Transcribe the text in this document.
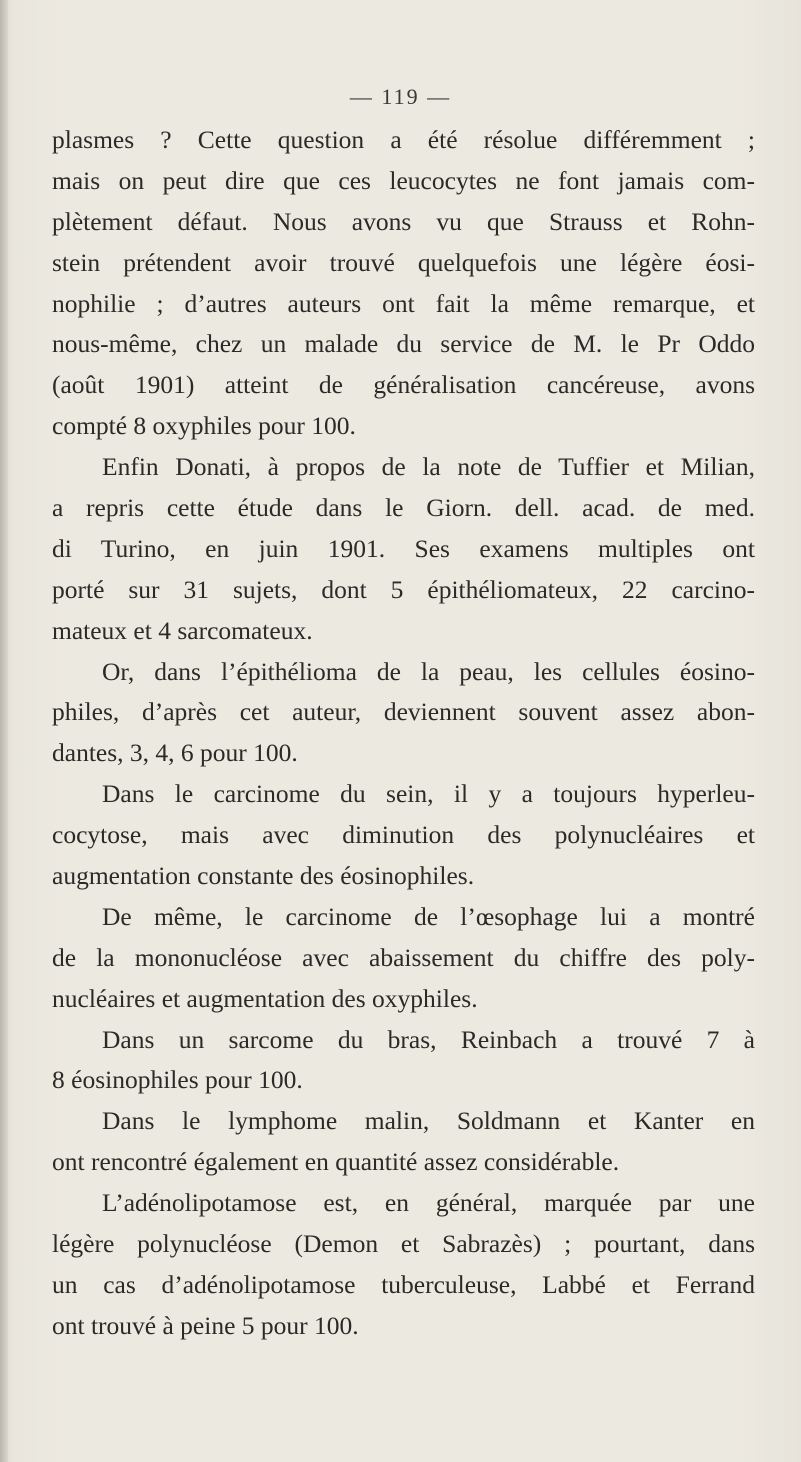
— 119 —
plasmes ? Cette question a été résolue différemment ;
mais on peut dire que ces leucocytes ne font jamais com-
plètement défaut. Nous avons vu que Strauss et Rohn-
stein prétendent avoir trouvé quelquefois une légère éosi-
nophilie ; d’autres auteurs ont fait la même remarque, et
nous-même, chez un malade du service de M. le Pr Oddo
(août 1901) atteint de généralisation cancéreuse, avons
compté 8 oxyphiles pour 100.
Enfin Donati, à propos de la note de Tuffier et Milian,
a repris cette étude dans le Giorn. dell. acad. de med.
di Turino, en juin 1901. Ses examens multiples ont
porté sur 31 sujets, dont 5 épithéliomateux, 22 carcino-
mateux et 4 sarcomateux.
Or, dans l’épithélioma de la peau, les cellules éosino-
philes, d’après cet auteur, deviennent souvent assez abon-
dantes, 3, 4, 6 pour 100.
Dans le carcinome du sein, il y a toujours hyperleu-
cocytose, mais avec diminution des polynucléaires et
augmentation constante des éosinophiles.
De même, le carcinome de l’œsophage lui a montré
de la mononucléose avec abaissement du chiffre des poly-
nucléaires et augmentation des oxyphiles.
Dans un sarcome du bras, Reinbach a trouvé 7 à
8 éosinophiles pour 100.
Dans le lymphome malin, Soldmann et Kanter en
ont rencontré également en quantité assez considérable.
L’adénolipotamose est, en général, marquée par une
légère polynucléose (Demon et Sabrazès) ; pourtant, dans
un cas d’adénolipotamose tuberculeuse, Labbé et Ferrand
ont trouvé à peine 5 pour 100.
